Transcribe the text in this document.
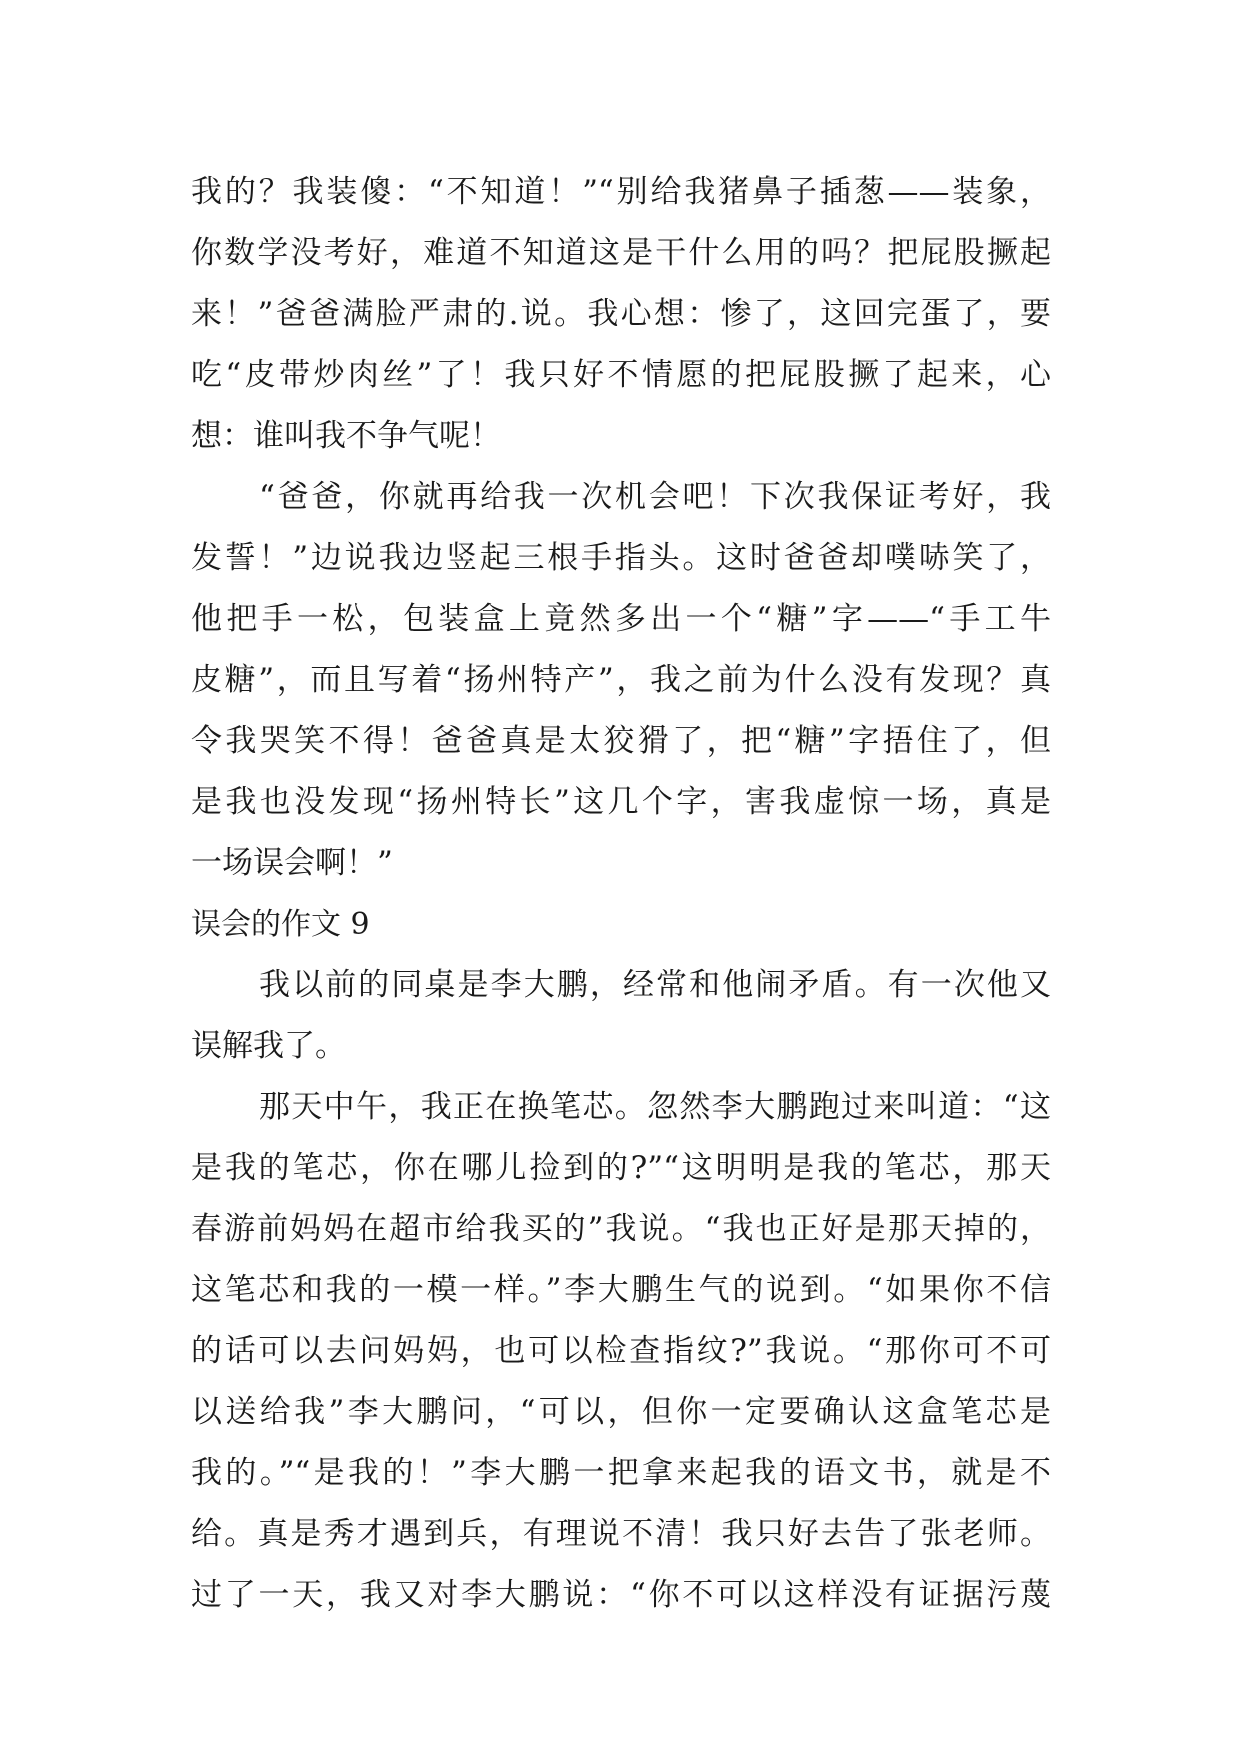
我的？我装傻：“不知道！”“别给我猪鼻子插葱——装象，
你数学没考好，难道不知道这是干什么用的吗？把屁股撅起
来！”爸爸满脸严肃的.说。我心想：惨了，这回完蛋了，要
吃“皮带炒肉丝”了！我只好不情愿的把屁股撅了起来，心
想：谁叫我不争气呢！
“爸爸，你就再给我一次机会吧！下次我保证考好，我
发誓！”边说我边竖起三根手指头。这时爸爸却噗哧笑了，
他把手一松，包装盒上竟然多出一个“糖”字——“手工牛
皮糖”，而且写着“扬州特产”，我之前为什么没有发现？真
令我哭笑不得！爸爸真是太狡猾了，把“糖”字捂住了，但
是我也没发现“扬州特长”这几个字，害我虚惊一场，真是
一场误会啊！”
误会的作文 9
我以前的同桌是李大鹏，经常和他闹矛盾。有一次他又
误解我了。
那天中午，我正在换笔芯。忽然李大鹏跑过来叫道：“这
是我的笔芯，你在哪儿捡到的?”“这明明是我的笔芯，那天
春游前妈妈在超市给我买的”我说。“我也正好是那天掉的，
这笔芯和我的一模一样。”李大鹏生气的说到。“如果你不信
的话可以去问妈妈，也可以检查指纹?”我说。“那你可不可
以送给我”李大鹏问，“可以，但你一定要确认这盒笔芯是
我的。”“是我的！”李大鹏一把拿来起我的语文书，就是不
给。真是秀才遇到兵，有理说不清！我只好去告了张老师。
过了一天，我又对李大鹏说：“你不可以这样没有证据污蔑
